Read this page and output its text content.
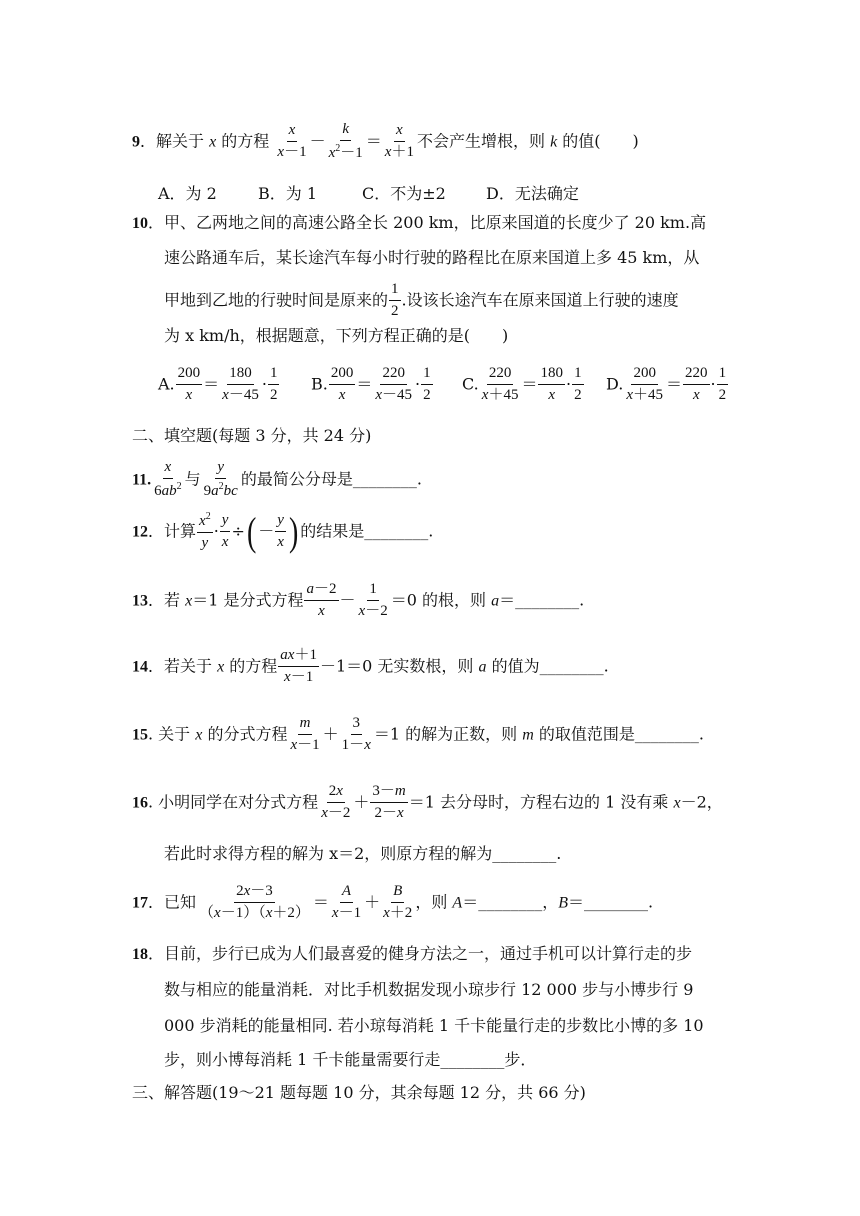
9．解关于 x 的方程 $\frac{x}{x-1} - \frac{k}{x^2-1} = \frac{x}{x+1}$ 不会产生增根，则 k 的值(　　)
A．为 2	B．为 1	C．不为±2	D．无法确定
10．甲、乙两地之间的高速公路全长 200 km，比原来国道的长度少了 20 km.高
速公路通车后，某长途汽车每小时行驶的路程比在原来国道上多 45 km，从
甲地到乙地的行驶时间是原来的 $\frac{1}{2}$ .设该长途汽车在原来国道上行驶的速度
为 x km/h，根据题意，下列方程正确的是(　　)
A. $\frac{200}{x} = \frac{180}{x-45} \cdot \frac{1}{2} B$. $\frac{200}{x} = \frac{220}{x-45} \cdot \frac{1}{2} C$. $\frac{220}{x+45} = \frac{180}{x} \cdot \frac{1}{2} D$. $\frac{200}{x+45} = \frac{220}{x} \cdot \frac{1}{2}$
二、填空题(每题 3 分，共 24 分)
11. $\frac{x}{6ab^2}$ 与 $\frac{y}{9a^2bc}$ 的最简公分母是________.
12．计算 $\frac{x^2}{y} \cdot \frac{y}{x}$ ÷( － $\frac{y}{x}$ ) 的结果是________.
13．若 x＝1 是分式方程 $\frac{a-2}{x} - \frac{1}{x-2} =0$ 的根，则 a＝________.
14．若关于 x 的方程 $\frac{ax+1}{x-1} -1=0$ 无实数根，则 a 的值为________.
15. 关于 x 的分式方程 $\frac{m}{x-1} + \frac{3}{1-x} =1$ 的解为正数，则 m 的取值范围是________.
16. 小明同学在对分式方程 $\frac{2x}{x-2} + \frac{3-m}{2-x} =1$ 去分母时，方程右边的 1 没有乘 x－2，
若此时求得方程的解为 x＝2，则原方程的解为________.
17．已知 $\frac{2x-3}{(x-1)(x+2)} = \frac{A}{x-1} + \frac{B}{x+2}$ ，则 A＝________，B＝________.
18．目前，步行已成为人们最喜爱的健身方法之一，通过手机可以计算行走的步
数与相应的能量消耗．对比手机数据发现小琼步行 12 000 步与小博步行 9
000 步消耗的能量相同. 若小琼每消耗 1 千卡能量行走的步数比小博的多 10
步，则小博每消耗 1 千卡能量需要行走________步．
三、解答题(19～21 题每题 10 分，其余每题 12 分，共 66 分)
